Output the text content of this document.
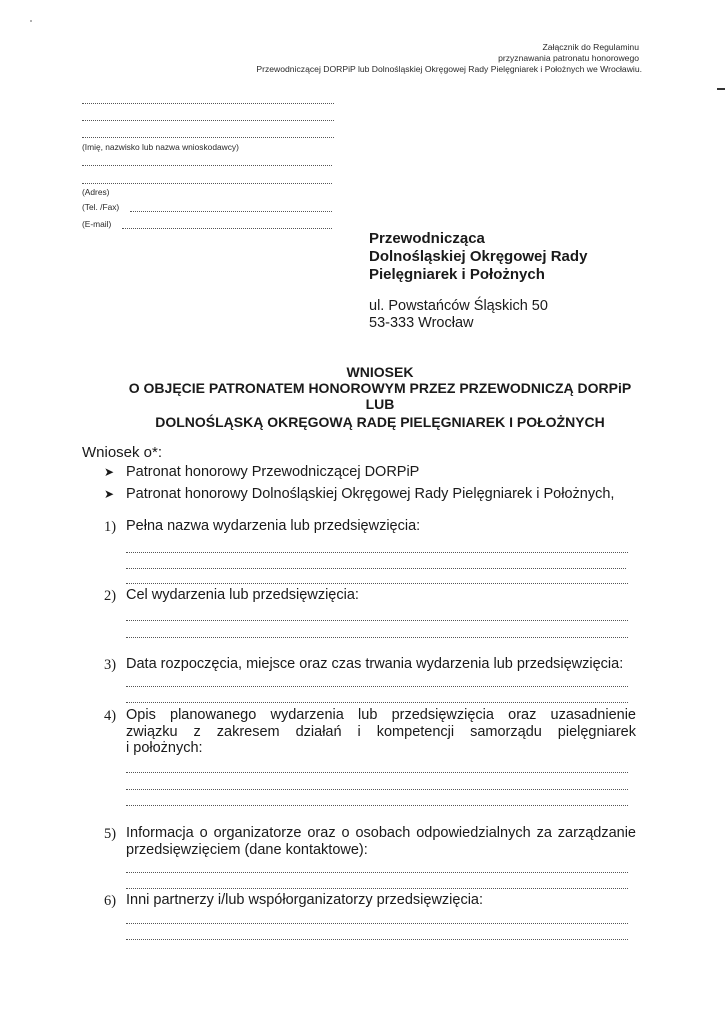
Załącznik do Regulaminu
przyznawania patronatu honorowego
Przewodniczącej DORPiP lub Dolnośląskiej Okręgowej Rady Pielęgniarek i Położnych we Wrocławiu.
(Imię, nazwisko lub nazwa wnioskodawcy)
(Adres)
(Tel. /Fax)
(E-mail)
Przewodnicząca
Dolnośląskiej Okręgowej Rady
Pielęgniarek i Położnych
ul. Powstańców Śląskich 50
53-333 Wrocław
WNIOSEK
O OBJĘCIE PATRONATEM HONOROWYM PRZEZ PRZEWODNICZĄ DORPiP
LUB
DOLNOŚLĄSKĄ OKRĘGOWĄ RADĘ PIELĘGNIAREK I POŁOŻNYCH
Wniosek o*:
➤ Patronat honorowy Przewodniczącej DORPiP
➤ Patronat honorowy Dolnośląskiej Okręgowej Rady Pielęgniarek i Położnych,
1) Pełna nazwa wydarzenia lub przedsięwzięcia:
2) Cel wydarzenia lub przedsięwzięcia:
3) Data rozpoczęcia, miejsce oraz czas trwania wydarzenia lub przedsięwzięcia:
4) Opis planowanego wydarzenia lub przedsięwzięcia oraz uzasadnienie
związku z zakresem działań i kompetencji samorządu pielęgniarek
i położnych:
5) Informacja o organizatorze oraz o osobach odpowiedzialnych za zarządzanie
przedsięwzięciem (dane kontaktowe):
6) Inni partnerzy i/lub współorganizatorzy przedsięwzięcia:
